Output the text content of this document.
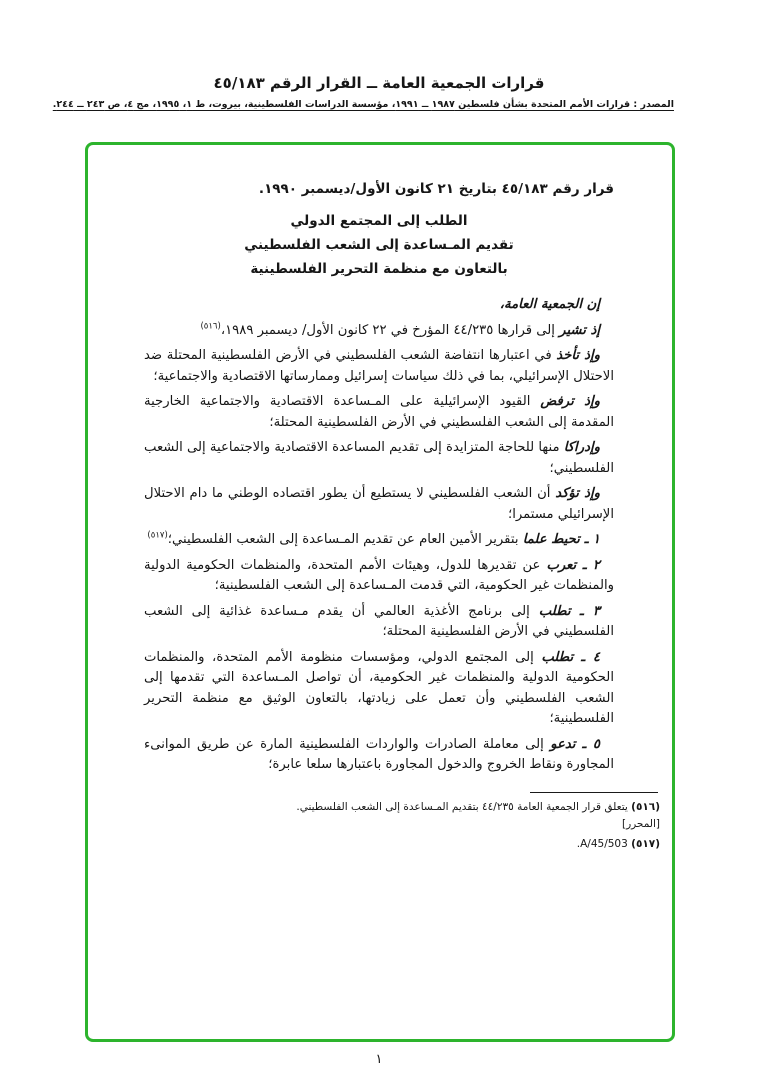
قرارات الجمعية العامة ــ القرار الرقم ٤٥/١٨٣
المصدر : قرارات الأمم المتحدة بشأن فلسطين ١٩٨٧ ــ ١٩٩١، مؤسسة الدراسات الفلسطينية، بيروت، ط ١، ١٩٩٥، مج ٤، ص ٢٤٣ ــ ٢٤٤.

قرار رقم ٤٥/١٨٣ بتاريخ ٢١ كانون الأول/ديسمبر ١٩٩٠.

الطلب إلى المجتمع الدولي
تقديم المـساعدة إلى الشعب الفلسطيني
بالتعاون مع منظمة التحرير الفلسطينية

إن الجمعية العامة،

إذ تشير إلى قرارها ٤٤/٢٣٥ المؤرخ في ٢٢ كانون الأول/ ديسمبر ١٩٨٩،$^{(٥١٦)}$

وإذ تأخذ في اعتبارها انتفاضة الشعب الفلسطيني في الأرض الفلسطينية المحتلة ضد الاحتلال الإسرائيلي، بما في ذلك سياسات إسرائيل وممارساتها الاقتصادية والاجتماعية؛

وإذ ترفض القيود الإسرائيلية على المـساعدة الاقتصادية والاجتماعية الخارجية المقدمة إلى الشعب الفلسطيني في الأرض الفلسطينية المحتلة؛

وإدراكا منها للحاجة المتزايدة إلى تقديم المساعدة الاقتصادية والاجتماعية إلى الشعب الفلسطيني؛

وإذ تؤكد أن الشعب الفلسطيني لا يستطيع أن يطور اقتصاده الوطني ما دام الاحتلال الإسرائيلي مستمرا؛

١ ـ تحيط علما بتقرير الأمين العام عن تقديم المـساعدة إلى الشعب الفلسطيني؛$^{(٥١٧)}$

٢ ـ تعرب عن تقديرها للدول، وهيئات الأمم المتحدة، والمنظمات الحكومية الدولية والمنظمات غير الحكومية، التي قدمت المـساعدة إلى الشعب الفلسطينية؛

٣ ـ تطلب إلى برنامج الأغذية العالمي أن يقدم مـساعدة غذائية إلى الشعب الفلسطيني في الأرض الفلسطينية المحتلة؛

٤ ـ تطلب إلى المجتمع الدولي، ومؤسسات منظومة الأمم المتحدة، والمنظمات الحكومية الدولية والمنظمات غير الحكومية، أن تواصل المـساعدة التي تقدمها إلى الشعب الفلسطيني وأن تعمل على زيادتها، بالتعاون الوثيق مع منظمة التحرير الفلسطينية؛

٥ ـ تدعو إلى معاملة الصادرات والواردات الفلسطينية المارة عن طريق الموانىء المجاورة ونقاط الخروج والدخول المجاورة باعتبارها سلعا عابرة؛

(٥١٦) يتعلق قرار الجمعية العامة ٤٤/٢٣٥ بتقديم المـساعدة إلى الشعب الفلسطيني. [المحرر]

(٥١٧) A/45/503.

١
